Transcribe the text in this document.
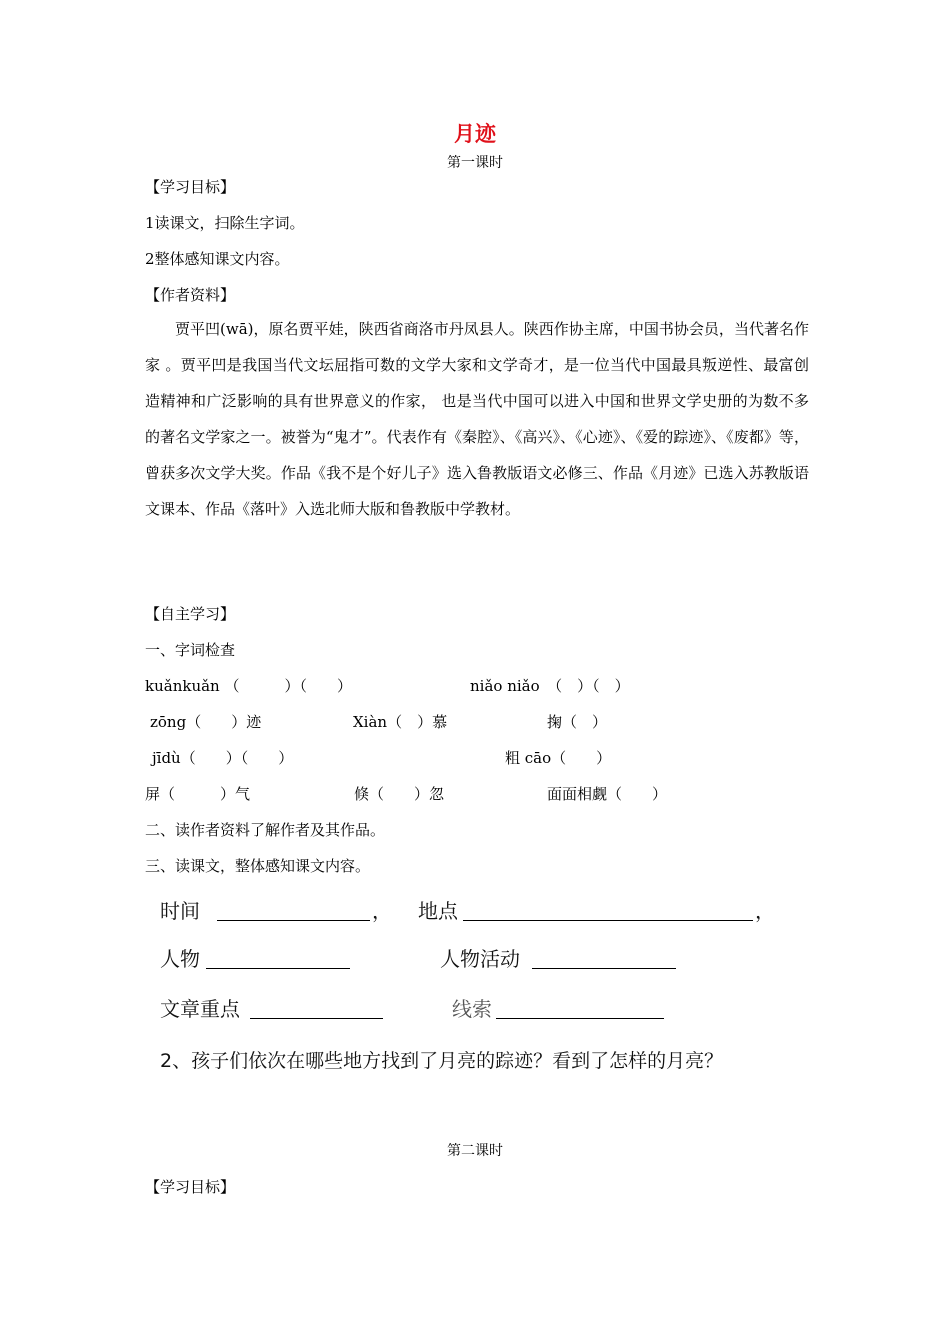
月迹
第一课时
【学习目标】
1读课文，扫除生字词。
2整体感知课文内容。
【作者资料】

贾平凹(wā)，原名贾平娃，陕西省商洛市丹凤县人。陕西作协主席，中国书协会员，当代著名作家 。贾平凹是我国当代文坛屈指可数的文学大家和文学奇才，是一位当代中国最具叛逆性、最富创造精神和广泛影响的具有世界意义的作家， 也是当代中国可以进入中国和世界文学史册的为数不多的著名文学家之一。被誉为“鬼才”。代表作有《秦腔》、《高兴》、《心迹》、《爱的踪迹》、《废都》等，曾获多次文学大奖。作品《我不是个好儿子》选入鲁教版语文必修三、作品《月迹》已选入苏教版语文课本、作品《落叶》入选北师大版和鲁教版中学教材。

【自主学习】
一、字词检查
kuǎnkuǎn （　　　）（　　）	niǎo niǎo　（　）（　）
zōng（　　）迹	Xiàn（　）慕	掬（　）
jīdù（　　）（　　）	粗 cāo（　　）
屏（　　　）气	倏（　　）忽	面面相觑（　　）
二、读作者资料了解作者及其作品。
三、读课文，整体感知课文内容。
时间	， 地点	，
人物	人物活动
文章重点	线索
2、孩子们依次在哪些地方找到了月亮的踪迹？看到了怎样的月亮？
第二课时
【学习目标】
